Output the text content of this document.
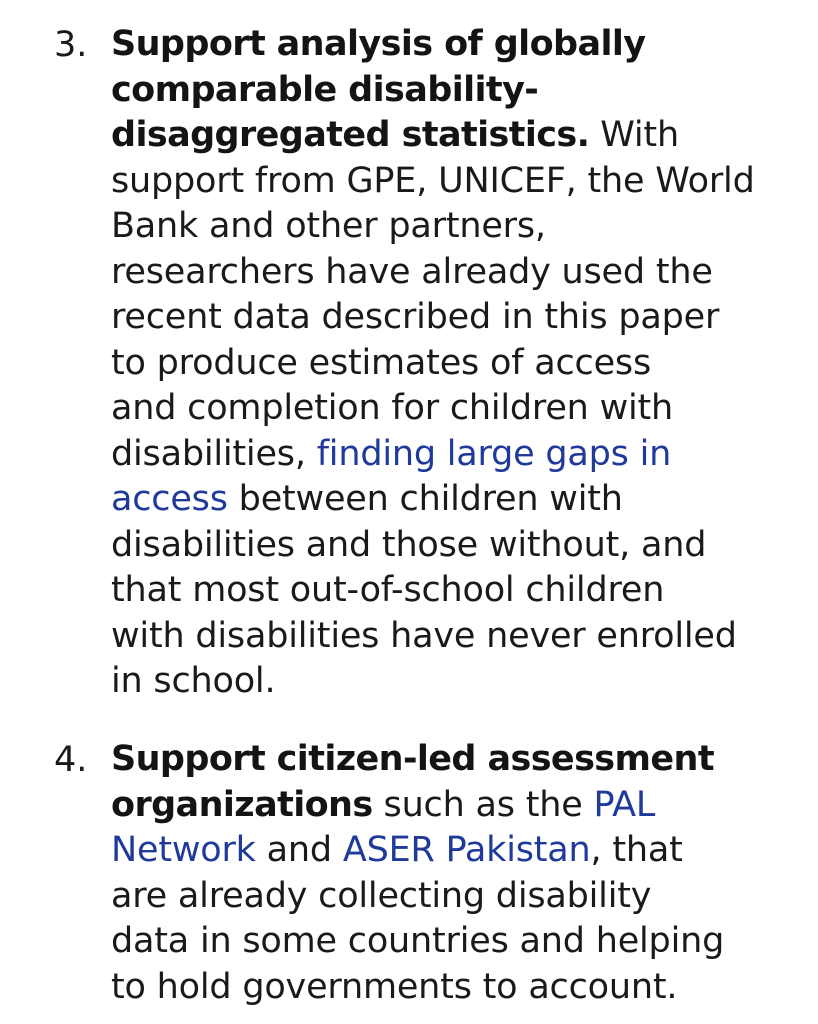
3. Support analysis of globally
comparable disability-
disaggregated statistics. With
support from GPE, UNICEF, the World
Bank and other partners,
researchers have already used the
recent data described in this paper
to produce estimates of access
and completion for children with
disabilities, finding large gaps in
access between children with
disabilities and those without, and
that most out-of-school children
with disabilities have never enrolled
in school.
4. Support citizen-led assessment
organizations such as the PAL
Network and ASER Pakistan, that
are already collecting disability
data in some countries and helping
to hold governments to account.
